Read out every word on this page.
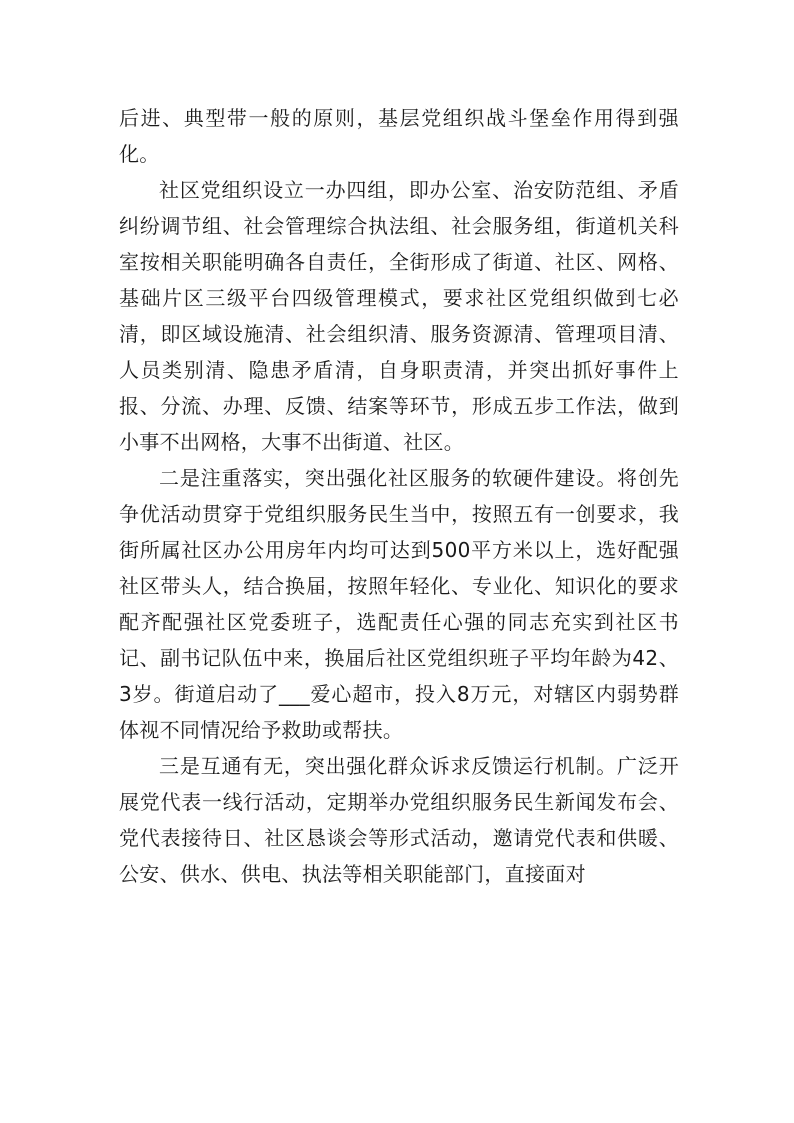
后进、典型带一般的原则，基层党组织战斗堡垒作用得到强化。

社区党组织设立一办四组，即办公室、治安防范组、矛盾纠纷调节组、社会管理综合执法组、社会服务组，街道机关科室按相关职能明确各自责任，全街形成了街道、社区、网格、基础片区三级平台四级管理模式，要求社区党组织做到七必清，即区域设施清、社会组织清、服务资源清、管理项目清、人员类别清、隐患矛盾清，自身职责清，并突出抓好事件上报、分流、办理、反馈、结案等环节，形成五步工作法，做到小事不出网格，大事不出街道、社区。

二是注重落实，突出强化社区服务的软硬件建设。将创先争优活动贯穿于党组织服务民生当中，按照五有一创要求，我街所属社区办公用房年内均可达到500平方米以上，选好配强社区带头人，结合换届，按照年轻化、专业化、知识化的要求配齐配强社区党委班子，选配责任心强的同志充实到社区书记、副书记队伍中来，换届后社区党组织班子平均年龄为42、3岁。街道启动了___爱心超市，投入8万元，对辖区内弱势群体视不同情况给予救助或帮扶。

三是互通有无，突出强化群众诉求反馈运行机制。广泛开展党代表一线行活动，定期举办党组织服务民生新闻发布会、党代表接待日、社区恳谈会等形式活动，邀请党代表和供暖、公安、供水、供电、执法等相关职能部门，直接面对
